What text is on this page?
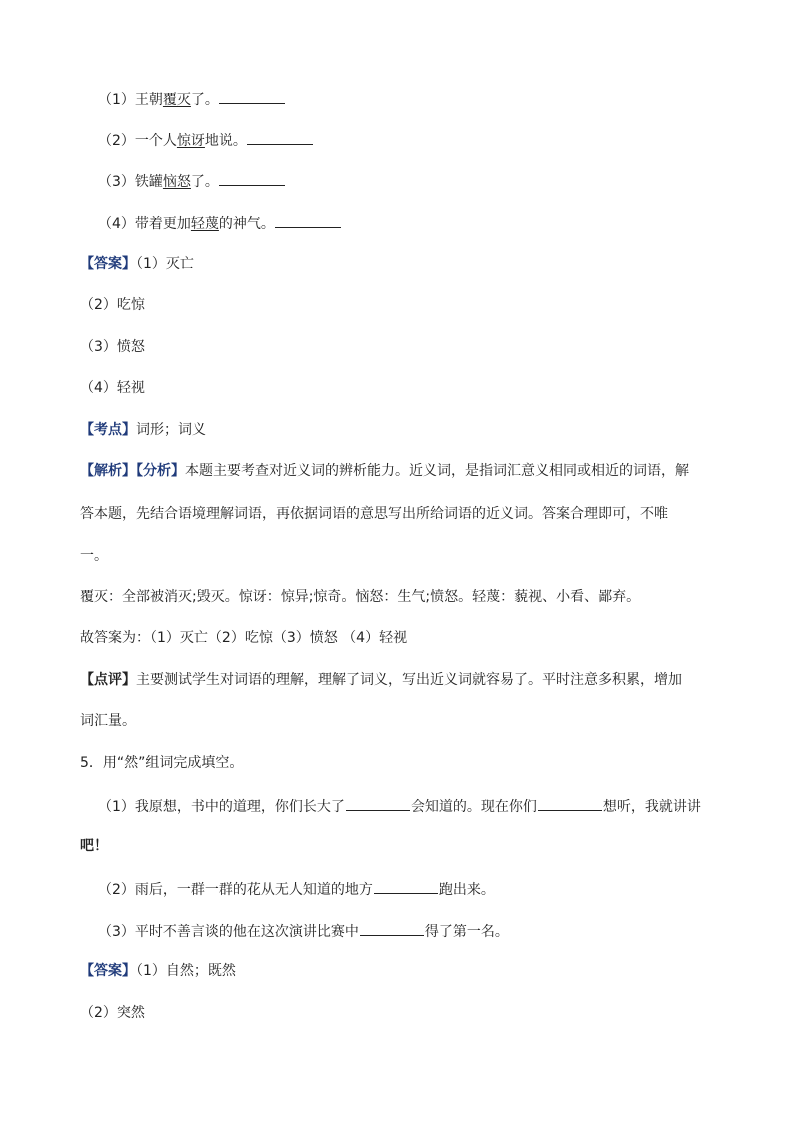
（1）王朝覆灭了。
（2）一个人惊讶地说。
（3）铁罐恼怒了。
（4）带着更加轻蔑的神气。
【答案】（1）灭亡
（2）吃惊
（3）愤怒
（4）轻视
【考点】词形；词义
【解析】【分析】本题主要考查对近义词的辨析能力。近义词，是指词汇意义相同或相近的词语，解
答本题，先结合语境理解词语，再依据词语的意思写出所给词语的近义词。答案合理即可，不唯
一。
覆灭：全部被消灭;毁灭。惊讶：惊异;惊奇。恼怒：生气;愤怒。轻蔑：藐视、小看、鄙弃。
故答案为：（1）灭亡（2）吃惊（3）愤怒 （4）轻视
【点评】主要测试学生对词语的理解，理解了词义，写出近义词就容易了。平时注意多积累，增加
词汇量。
5．用“然”组词完成填空。
（1）我原想，书中的道理，你们长大了	会知道的。现在你们	想听，我就讲讲
吧！
（2）雨后，一群一群的花从无人知道的地方	跑出来。
（3）平时不善言谈的他在这次演讲比赛中	得了第一名。
【答案】（1）自然；既然
（2）突然
